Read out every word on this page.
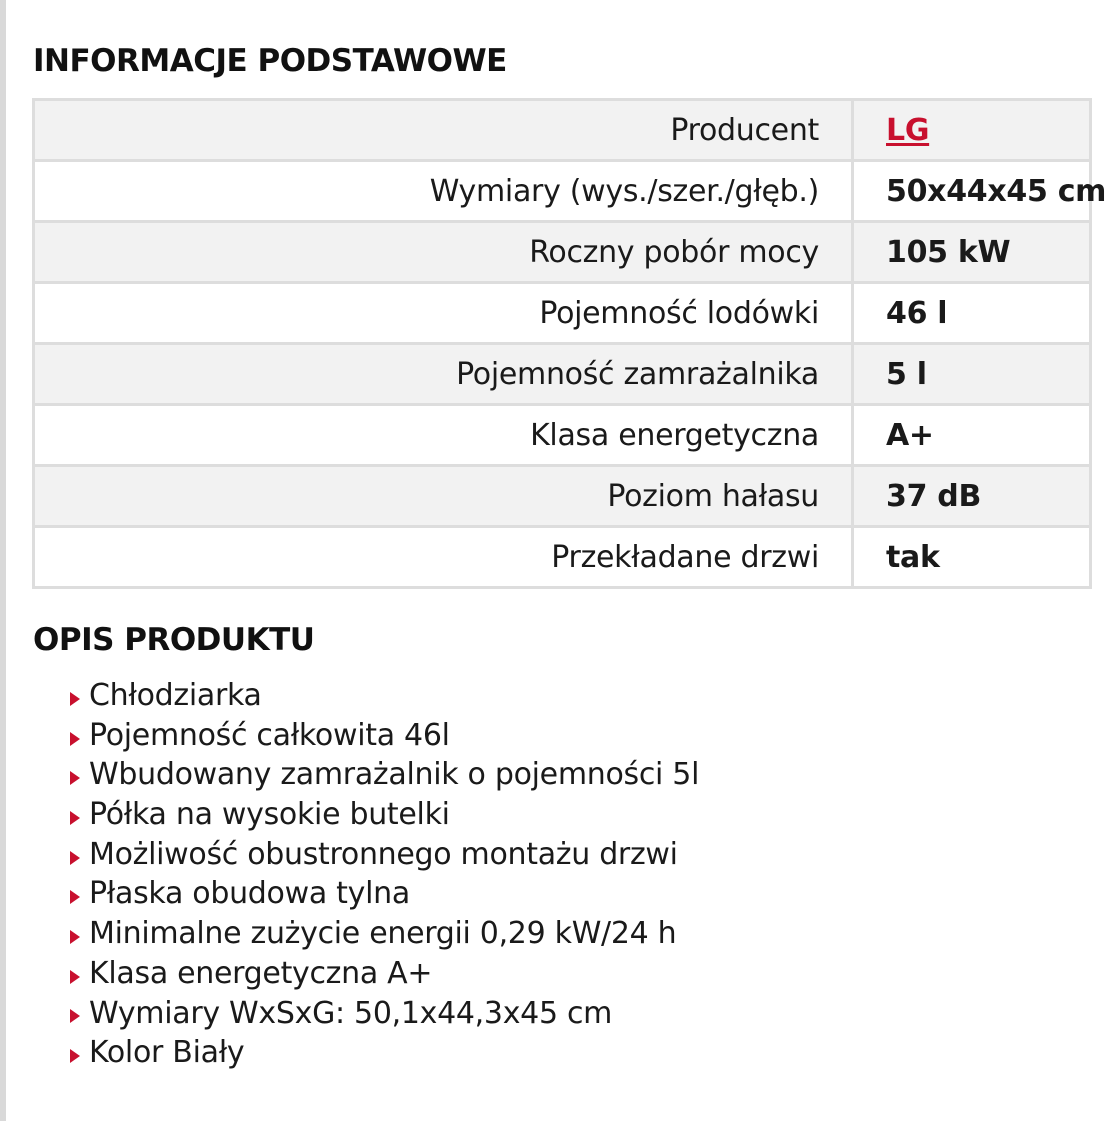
INFORMACJE PODSTAWOWE
Producent	LG
Wymiary (wys./szer./głęb.)	50x44x45 cm
Roczny pobór mocy	105 kW
Pojemność lodówki	46 l
Pojemność zamrażalnika	5 l
Klasa energetyczna	A+
Poziom hałasu	37 dB
Przekładane drzwi	tak
OPIS PRODUKTU
Chłodziarka
Pojemność całkowita 46l
Wbudowany zamrażalnik o pojemności 5l
Półka na wysokie butelki
Możliwość obustronnego montażu drzwi
Płaska obudowa tylna
Minimalne zużycie energii 0,29 kW/24 h
Klasa energetyczna A+
Wymiary WxSxG: 50,1x44,3x45 cm
Kolor Biały
